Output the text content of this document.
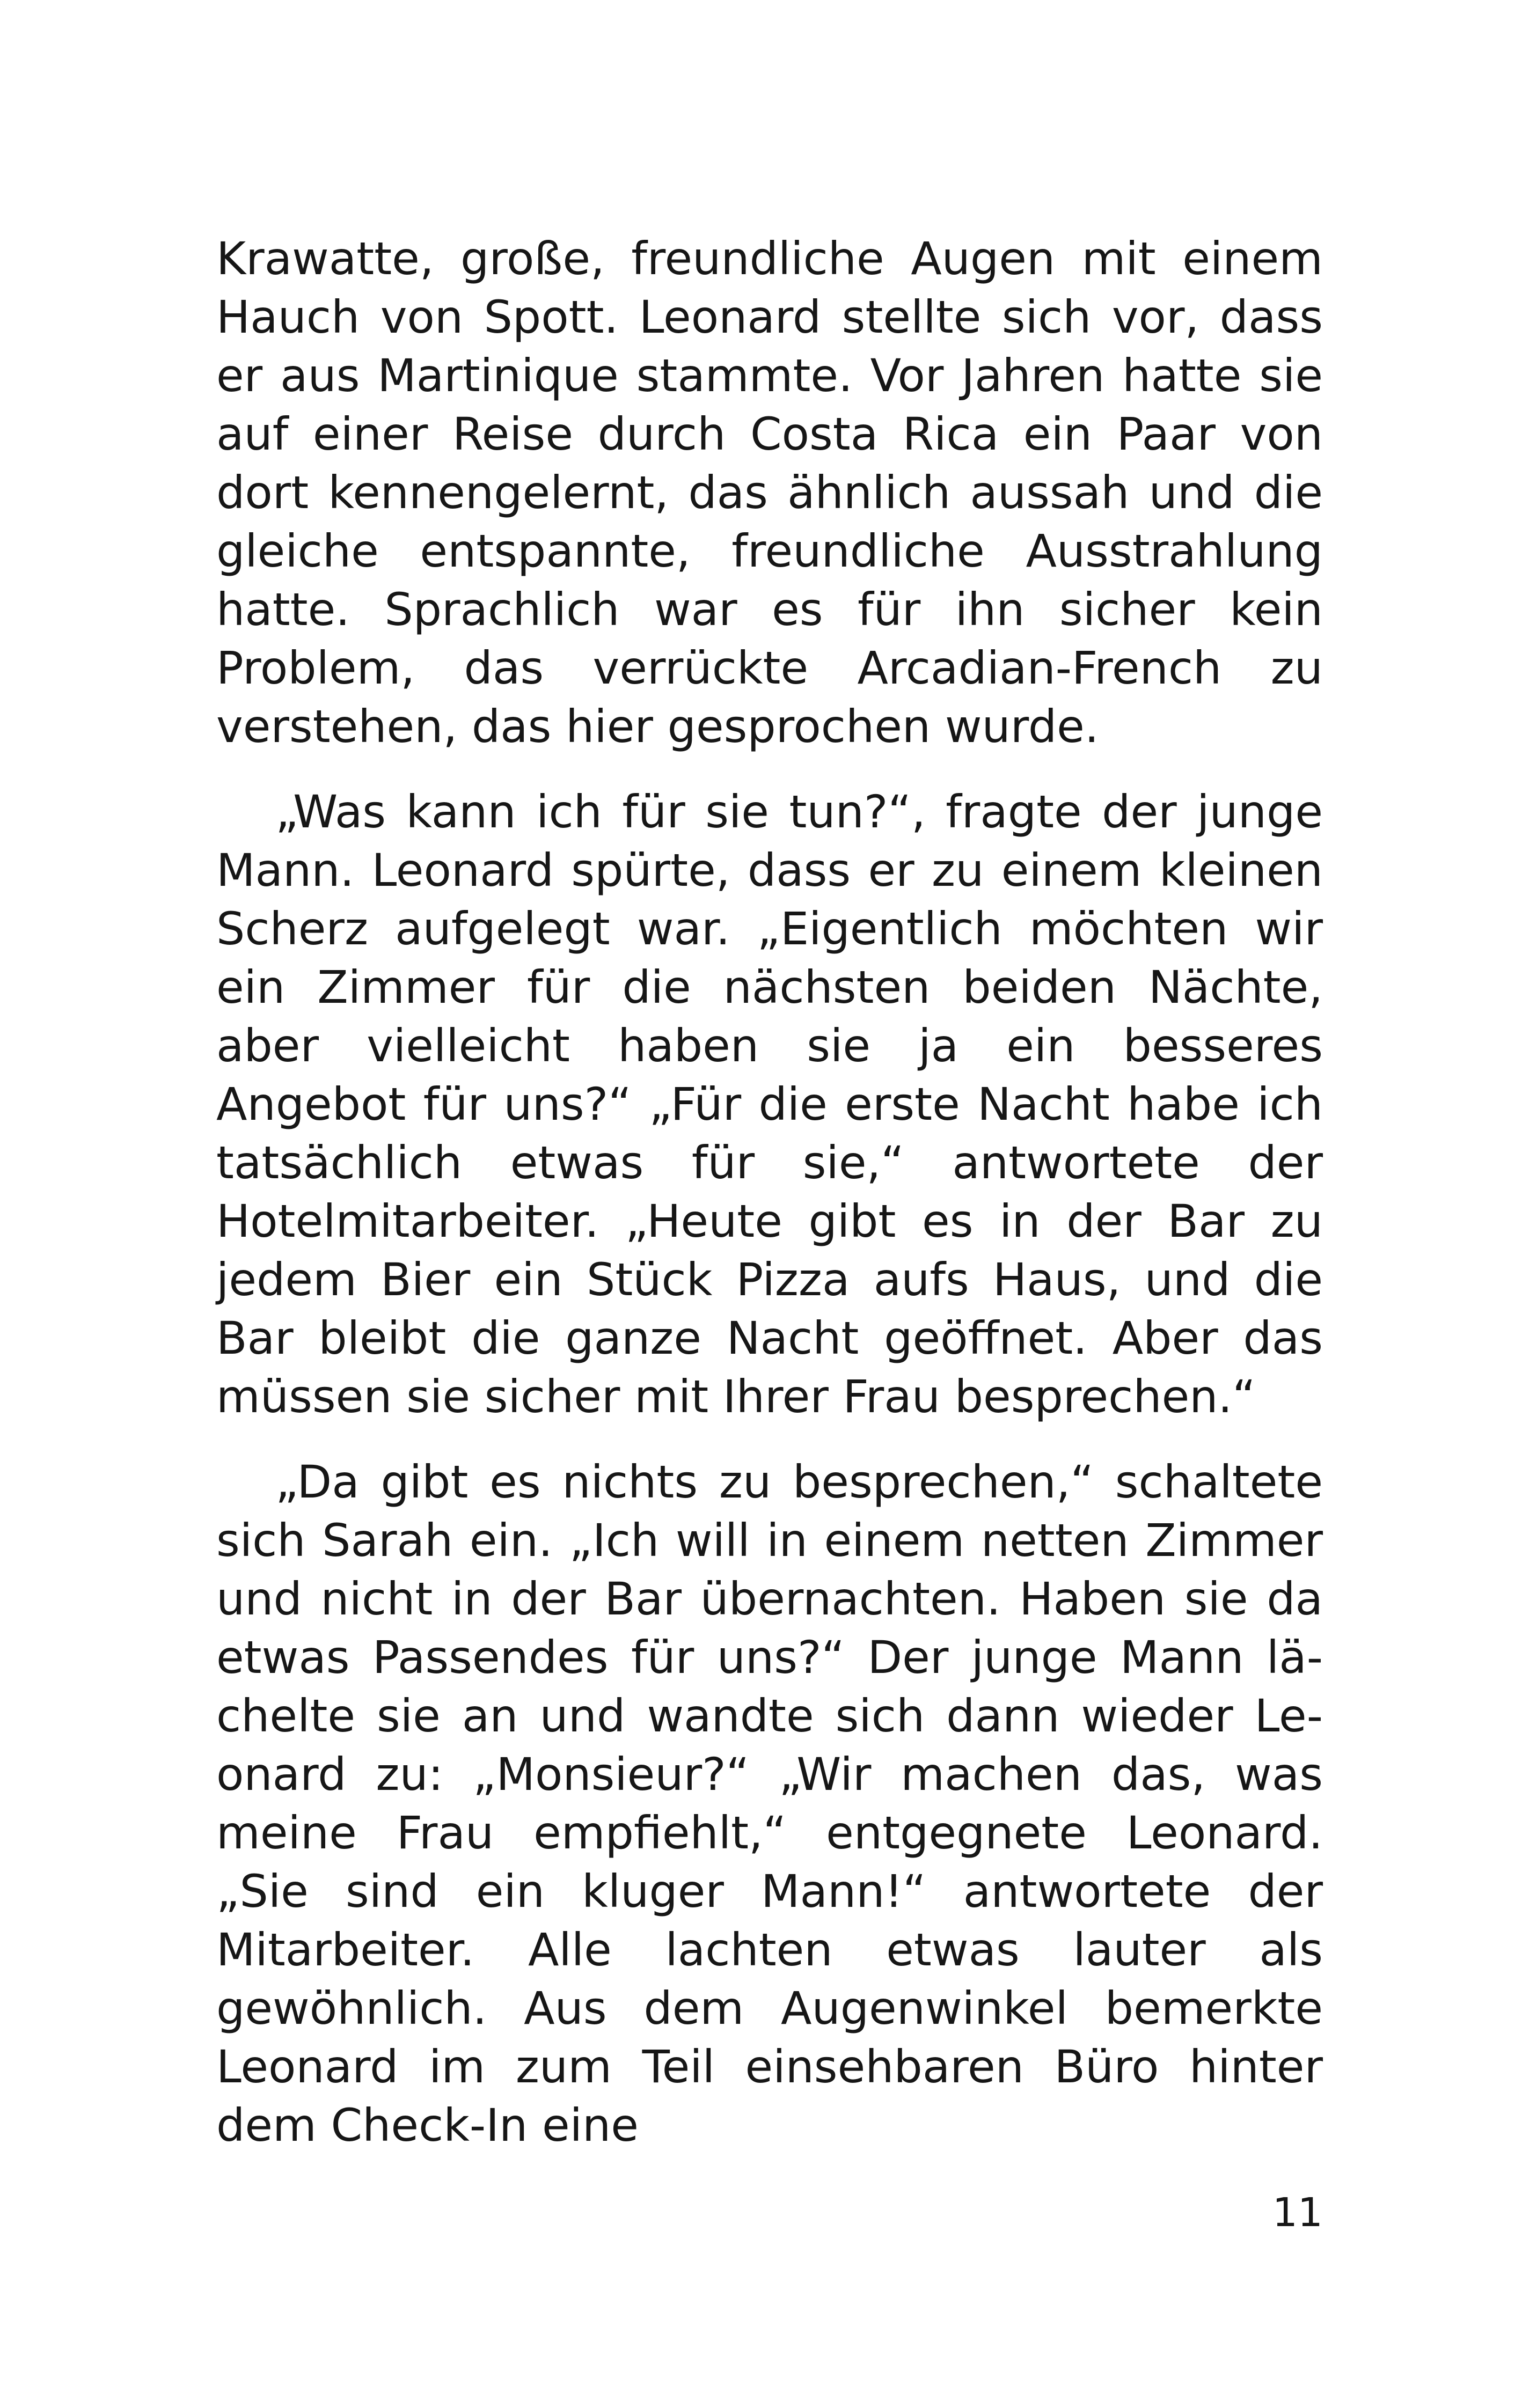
Krawatte, große, freundliche Augen mit einem Hauch von Spott. Leonard stellte sich vor, dass er aus Martinique stammte. Vor Jahren hatte sie auf einer Reise durch Costa Rica ein Paar von dort kennengelernt, das ähnlich aussah und die gleiche entspannte, freundliche Ausstrahlung hatte. Sprachlich war es für ihn sicher kein Problem, das verrückte Arcadian-French zu verstehen, das hier gesprochen wurde.

„Was kann ich für sie tun?“, fragte der junge Mann. Leonard spürte, dass er zu einem kleinen Scherz aufgelegt war. „Eigentlich möchten wir ein Zimmer für die nächsten beiden Nächte, aber vielleicht haben sie ja ein besseres Angebot für uns?“ „Für die erste Nacht habe ich tatsächlich etwas für sie,“ antwortete der Hotelmitarbeiter. „Heute gibt es in der Bar zu jedem Bier ein Stück Pizza aufs Haus, und die Bar bleibt die ganze Nacht geöffnet. Aber das müssen sie sicher mit Ihrer Frau besprechen.“

„Da gibt es nichts zu besprechen,“ schaltete sich Sarah ein. „Ich will in einem netten Zimmer und nicht in der Bar übernachten. Haben sie da etwas Passendes für uns?“ Der junge Mann lächelte sie an und wandte sich dann wieder Leonard zu: „Monsieur?“ „Wir machen das, was meine Frau empfiehlt,“ entgegnete Leonard. „Sie sind ein kluger Mann!“ antwortete der Mitarbeiter. Alle lachten etwas lauter als gewöhnlich. Aus dem Augenwinkel bemerkte Leonard im zum Teil einsehbaren Büro hinter dem Check-In eine

11
